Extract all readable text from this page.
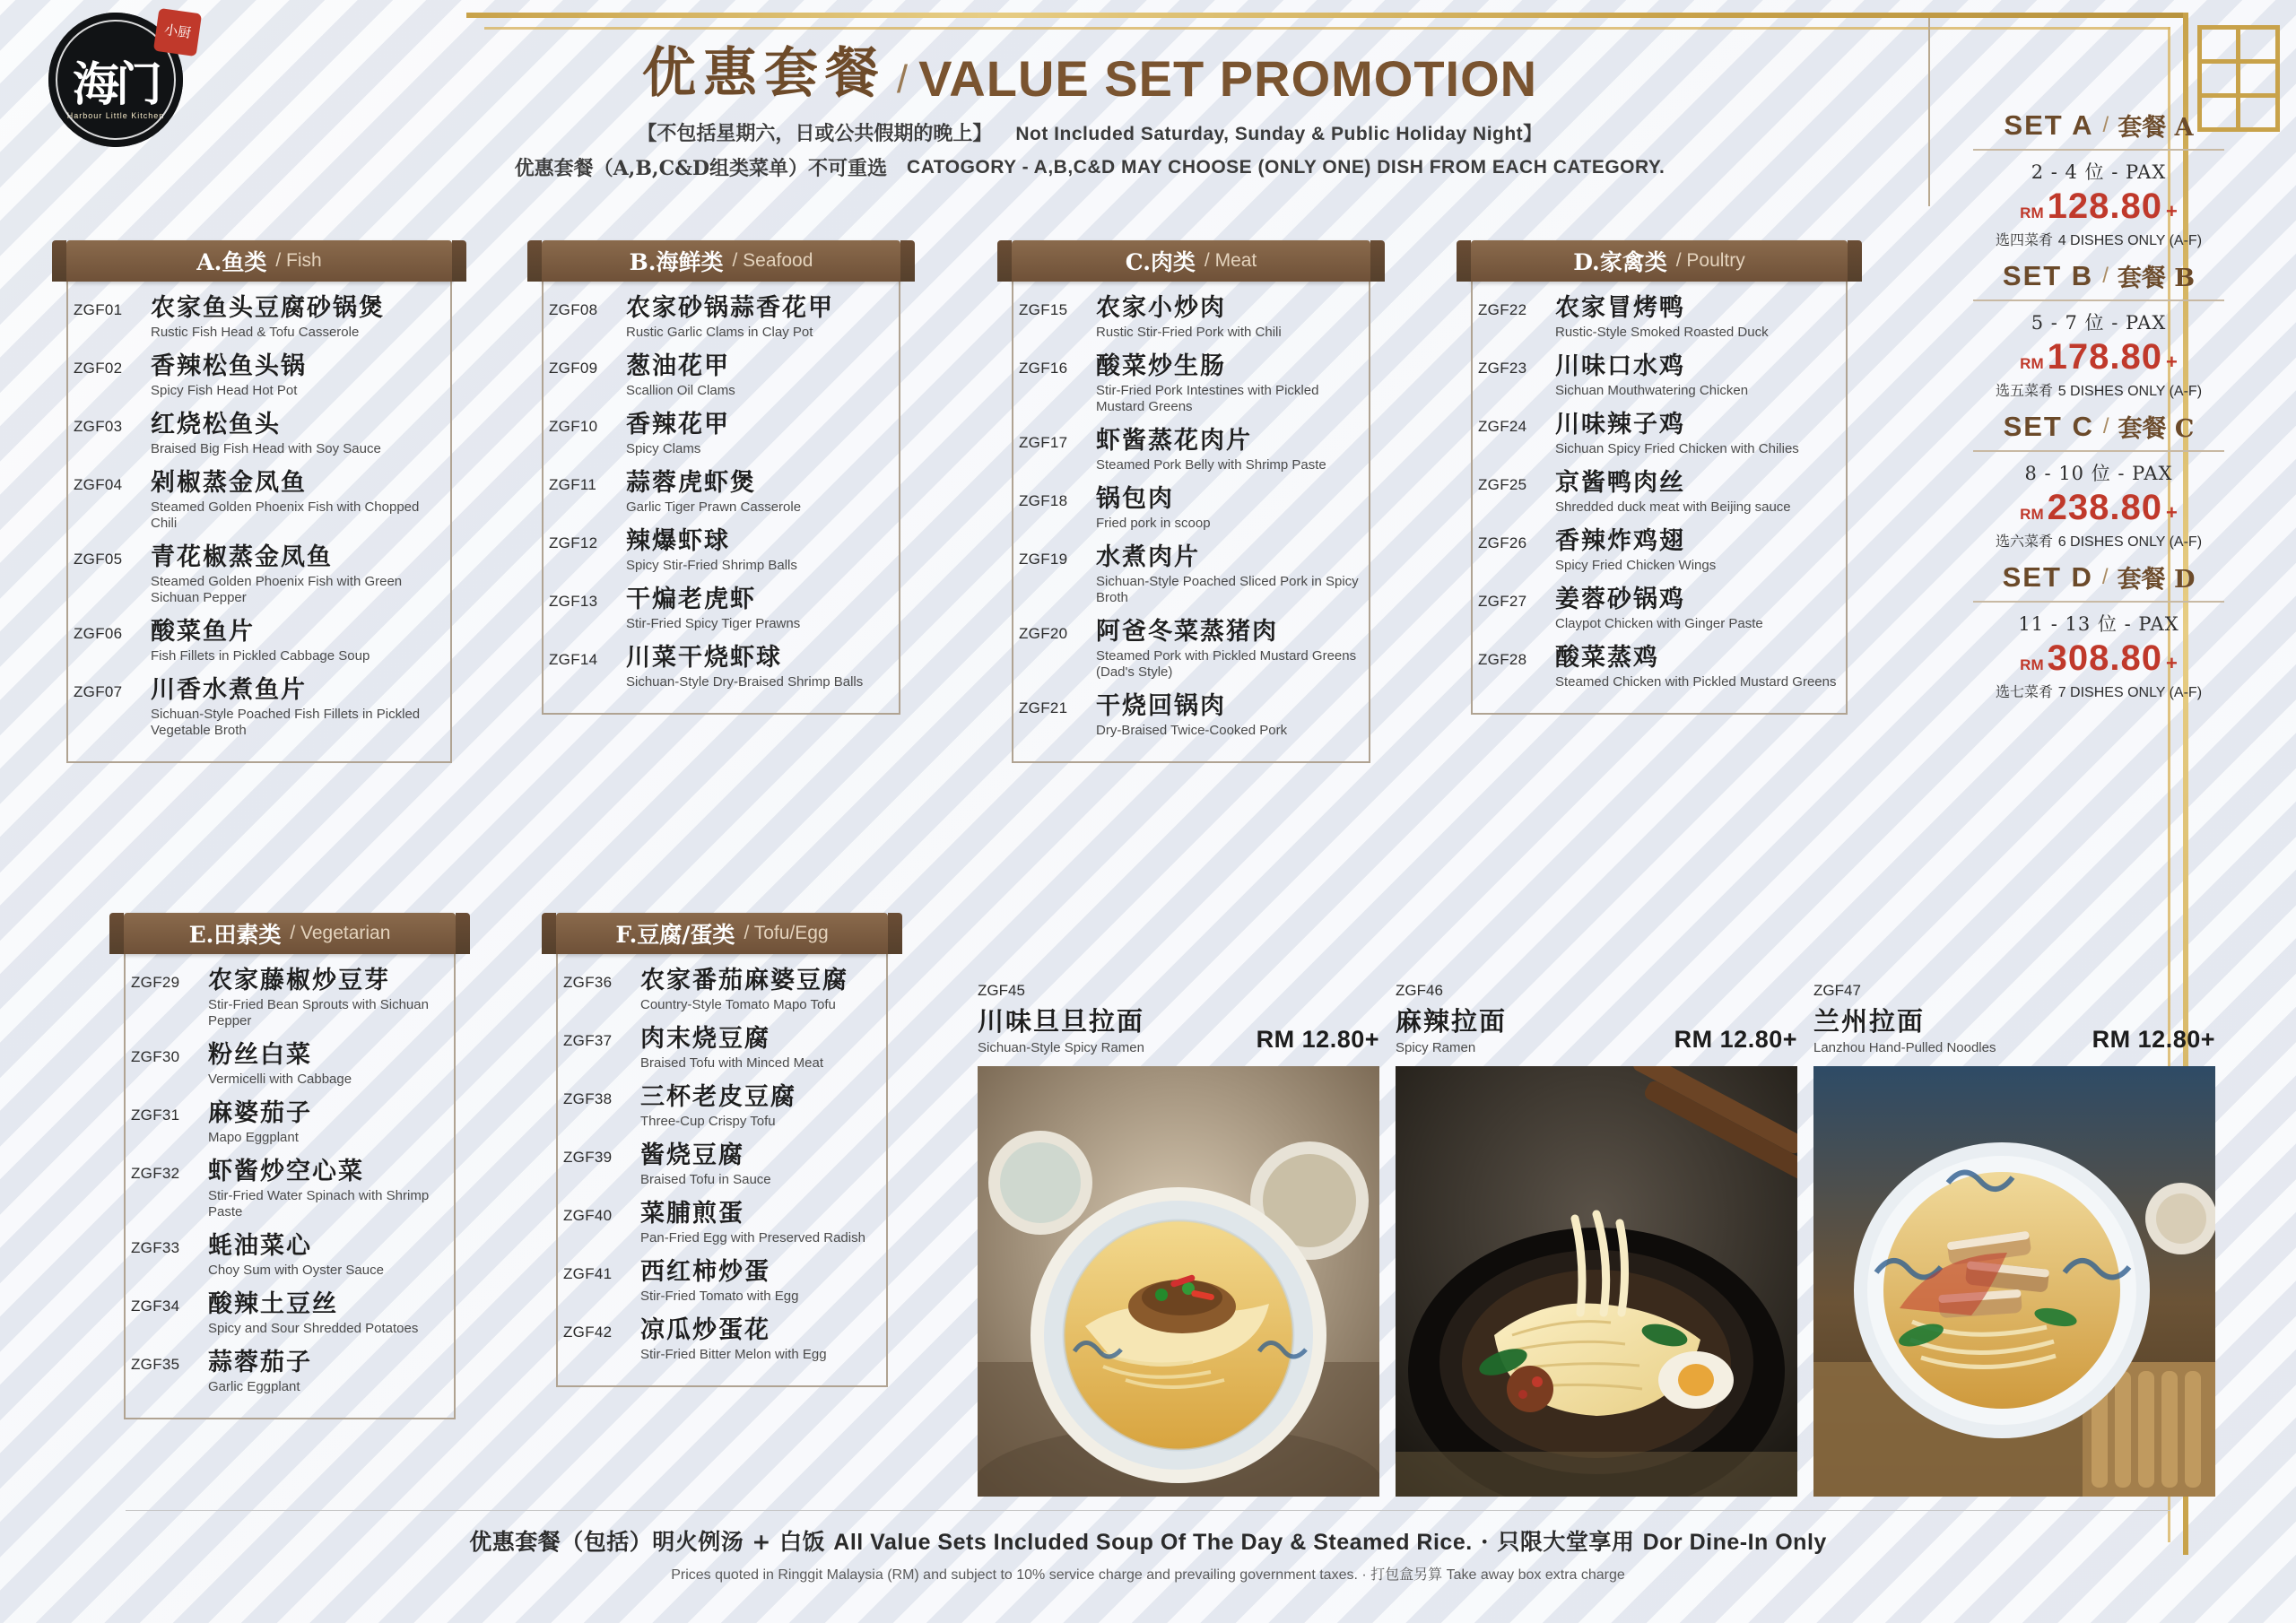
海门
Harbour Little Kitchen
小厨
优惠套餐 / VALUE SET PROMOTION
【不包括星期六，日或公共假期的晚上】 Not Included Saturday, Sunday & Public Holiday Night】
优惠套餐（A,B,C&D组类菜单）不可重选 CATOGORY - A,B,C&D MAY CHOOSE (ONLY ONE) DISH FROM EACH CATEGORY.
A.鱼类 / Fish
ZGF01	农家鱼头豆腐砂锅煲
Rustic Fish Head & Tofu Casserole
ZGF02	香辣松鱼头锅
Spicy Fish Head Hot Pot
ZGF03	红烧松鱼头
Braised Big Fish Head with Soy Sauce
ZGF04	剁椒蒸金凤鱼
Steamed Golden Phoenix Fish with Chopped Chili
ZGF05	青花椒蒸金凤鱼
Steamed Golden Phoenix Fish with Green Sichuan Pepper
ZGF06	酸菜鱼片
Fish Fillets in Pickled Cabbage Soup
ZGF07	川香水煮鱼片
Sichuan-Style Poached Fish Fillets in Pickled Vegetable Broth
B.海鲜类 / Seafood
ZGF08	农家砂锅蒜香花甲
Rustic Garlic Clams in Clay Pot
ZGF09	葱油花甲
Scallion Oil Clams
ZGF10	香辣花甲
Spicy Clams
ZGF11	蒜蓉虎虾煲
Garlic Tiger Prawn Casserole
ZGF12	辣爆虾球
Spicy Stir-Fried Shrimp Balls
ZGF13	干煸老虎虾
Stir-Fried Spicy Tiger Prawns
ZGF14	川菜干烧虾球
Sichuan-Style Dry-Braised Shrimp Balls
C.肉类 / Meat
ZGF15	农家小炒肉
Rustic Stir-Fried Pork with Chili
ZGF16	酸菜炒生肠
Stir-Fried Pork Intestines with Pickled Mustard Greens
ZGF17	虾酱蒸花肉片
Steamed Pork Belly with Shrimp Paste
ZGF18	锅包肉
Fried pork in scoop
ZGF19	水煮肉片
Sichuan-Style Poached Sliced Pork in Spicy Broth
ZGF20	阿爸冬菜蒸猪肉
Steamed Pork with Pickled Mustard Greens (Dad's Style)
ZGF21	干烧回锅肉
Dry-Braised Twice-Cooked Pork
D.家禽类 / Poultry
ZGF22	农家冒烤鸭
Rustic-Style Smoked Roasted Duck
ZGF23	川味口水鸡
Sichuan Mouthwatering Chicken
ZGF24	川味辣子鸡
Sichuan Spicy Fried Chicken with Chilies
ZGF25	京酱鸭肉丝
Shredded duck meat with Beijing sauce
ZGF26	香辣炸鸡翅
Spicy Fried Chicken Wings
ZGF27	姜蓉砂锅鸡
Claypot Chicken with Ginger Paste
ZGF28	酸菜蒸鸡
Steamed Chicken with Pickled Mustard Greens
E.田素类 / Vegetarian
ZGF29	农家藤椒炒豆芽
Stir-Fried Bean Sprouts with Sichuan Pepper
ZGF30	粉丝白菜
Vermicelli with Cabbage
ZGF31	麻婆茄子
Mapo Eggplant
ZGF32	虾酱炒空心菜
Stir-Fried Water Spinach with Shrimp Paste
ZGF33	蚝油菜心
Choy Sum with Oyster Sauce
ZGF34	酸辣土豆丝
Spicy and Sour Shredded Potatoes
ZGF35	蒜蓉茄子
Garlic Eggplant
F.豆腐/蛋类 / Tofu/Egg
ZGF36	农家番茄麻婆豆腐
Country-Style Tomato Mapo Tofu
ZGF37	肉末烧豆腐
Braised Tofu with Minced Meat
ZGF38	三杯老皮豆腐
Three-Cup Crispy Tofu
ZGF39	酱烧豆腐
Braised Tofu in Sauce
ZGF40	菜脯煎蛋
Pan-Fried Egg with Preserved Radish
ZGF41	西红柿炒蛋
Stir-Fried Tomato with Egg
ZGF42	凉瓜炒蛋花
Stir-Fried Bitter Melon with Egg
SET A / 套餐 A
2 - 4 位 - PAX
RM 128.80 +
选四菜肴 4 DISHES ONLY (A-F)
SET B / 套餐 B
5 - 7 位 - PAX
RM 178.80 +
选五菜肴 5 DISHES ONLY (A-F)
SET C / 套餐 C
8 - 10 位 - PAX
RM 238.80 +
选六菜肴 6 DISHES ONLY (A-F)
SET D / 套餐 D
11 - 13 位 - PAX
RM 308.80 +
选七菜肴 7 DISHES ONLY (A-F)
ZGF45
川味旦旦拉面
Sichuan-Style Spicy Ramen	RM 12.80+
ZGF46
麻辣拉面
Spicy Ramen	RM 12.80+
ZGF47
兰州拉面
Lanzhou Hand-Pulled Noodles	RM 12.80+
优惠套餐（包括）明火例汤 + 白饭 All Value Sets Included Soup Of The Day & Steamed Rice. · 只限大堂享用 Dor Dine-In Only
Prices quoted in Ringgit Malaysia (RM) and subject to 10% service charge and prevailing government taxes. · 打包盒另算 Take away box extra charge
